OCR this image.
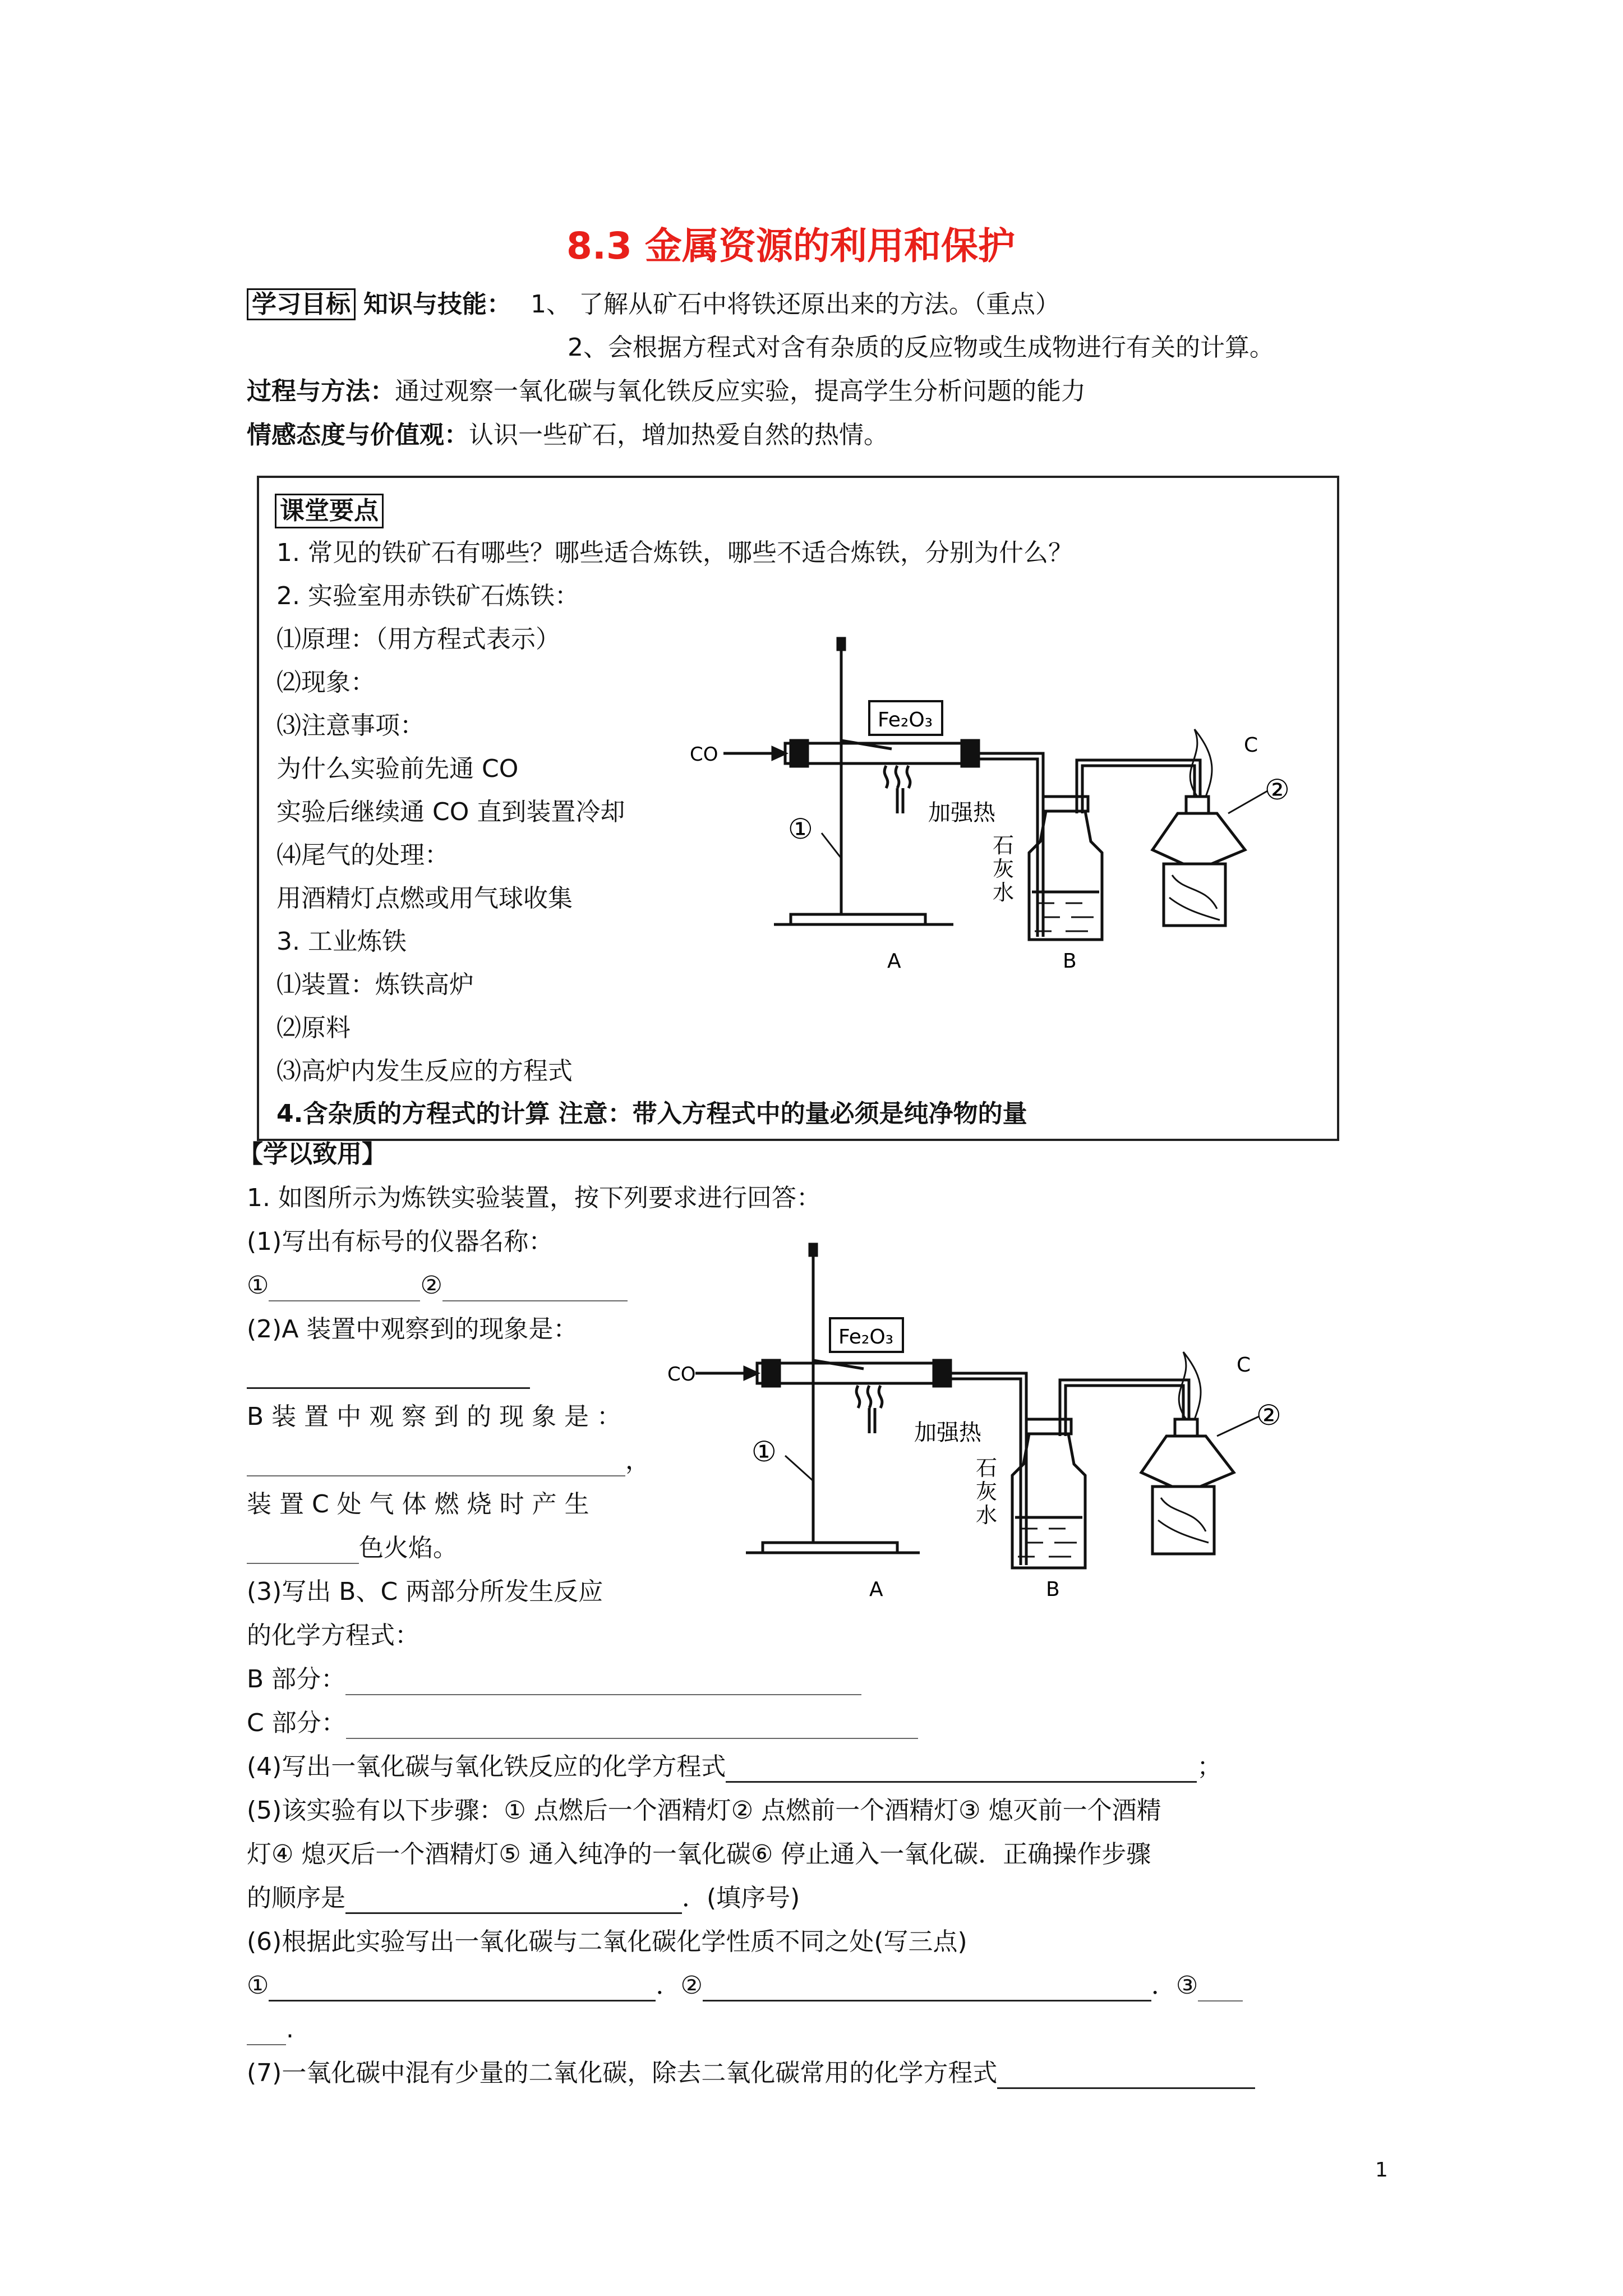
8.3 金属资源的利用和保护
学习目标 知识与技能： 1、 了解从矿石中将铁还原出来的方法。（重点）
2、会根据方程式对含有杂质的反应物或生成物进行有关的计算。
过程与方法：通过观察一氧化碳与氧化铁反应实验，提高学生分析问题的能力
情感态度与价值观：认识一些矿石，增加热爱自然的热情。
课堂要点
1. 常见的铁矿石有哪些？哪些适合炼铁，哪些不适合炼铁，分别为什么？
2. 实验室用赤铁矿石炼铁：
⑴原理：（用方程式表示）
⑵现象：
⑶注意事项：
为什么实验前先通 CO
实验后继续通 CO 直到装置冷却
⑷尾气的处理：
用酒精灯点燃或用气球收集
3. 工业炼铁
⑴装置：炼铁高炉
⑵原料
⑶高炉内发生反应的方程式
4.含杂质的方程式的计算 注意：带入方程式中的量必须是纯净物的量
Fe₂O₃
CO
加强热
石
灰
水
①
②
A	B
C
【学以致用】
1. 如图所示为炼铁实验装置，按下列要求进行回答：
(1)写出有标号的仪器名称：
①	②
(2)A 装置中观察到的现象是：
B 装 置 中 观 察 到 的 现 象 是 ：
，
装 置 C 处 气 体 燃 烧 时 产 生
色火焰。
(3)写出 B、C 两部分所发生反应
的化学方程式：
B 部分：
C 部分：
(4)写出一氧化碳与氧化铁反应的化学方程式	；
(5)该实验有以下步骤：① 点燃后一个酒精灯② 点燃前一个酒精灯③ 熄灭前一个酒精
灯④ 熄灭后一个酒精灯⑤ 通入纯净的一氧化碳⑥ 停止通入一氧化碳．正确操作步骤
的顺序是	．(填序号)
(6)根据此实验写出一氧化碳与二氧化碳化学性质不同之处(写三点)
①	．②	．③
.
(7)一氧化碳中混有少量的二氧化碳，除去二氧化碳常用的化学方程式
Fe₂O₃
CO
加强热
石
灰
水
①
②
A	B
C
1
